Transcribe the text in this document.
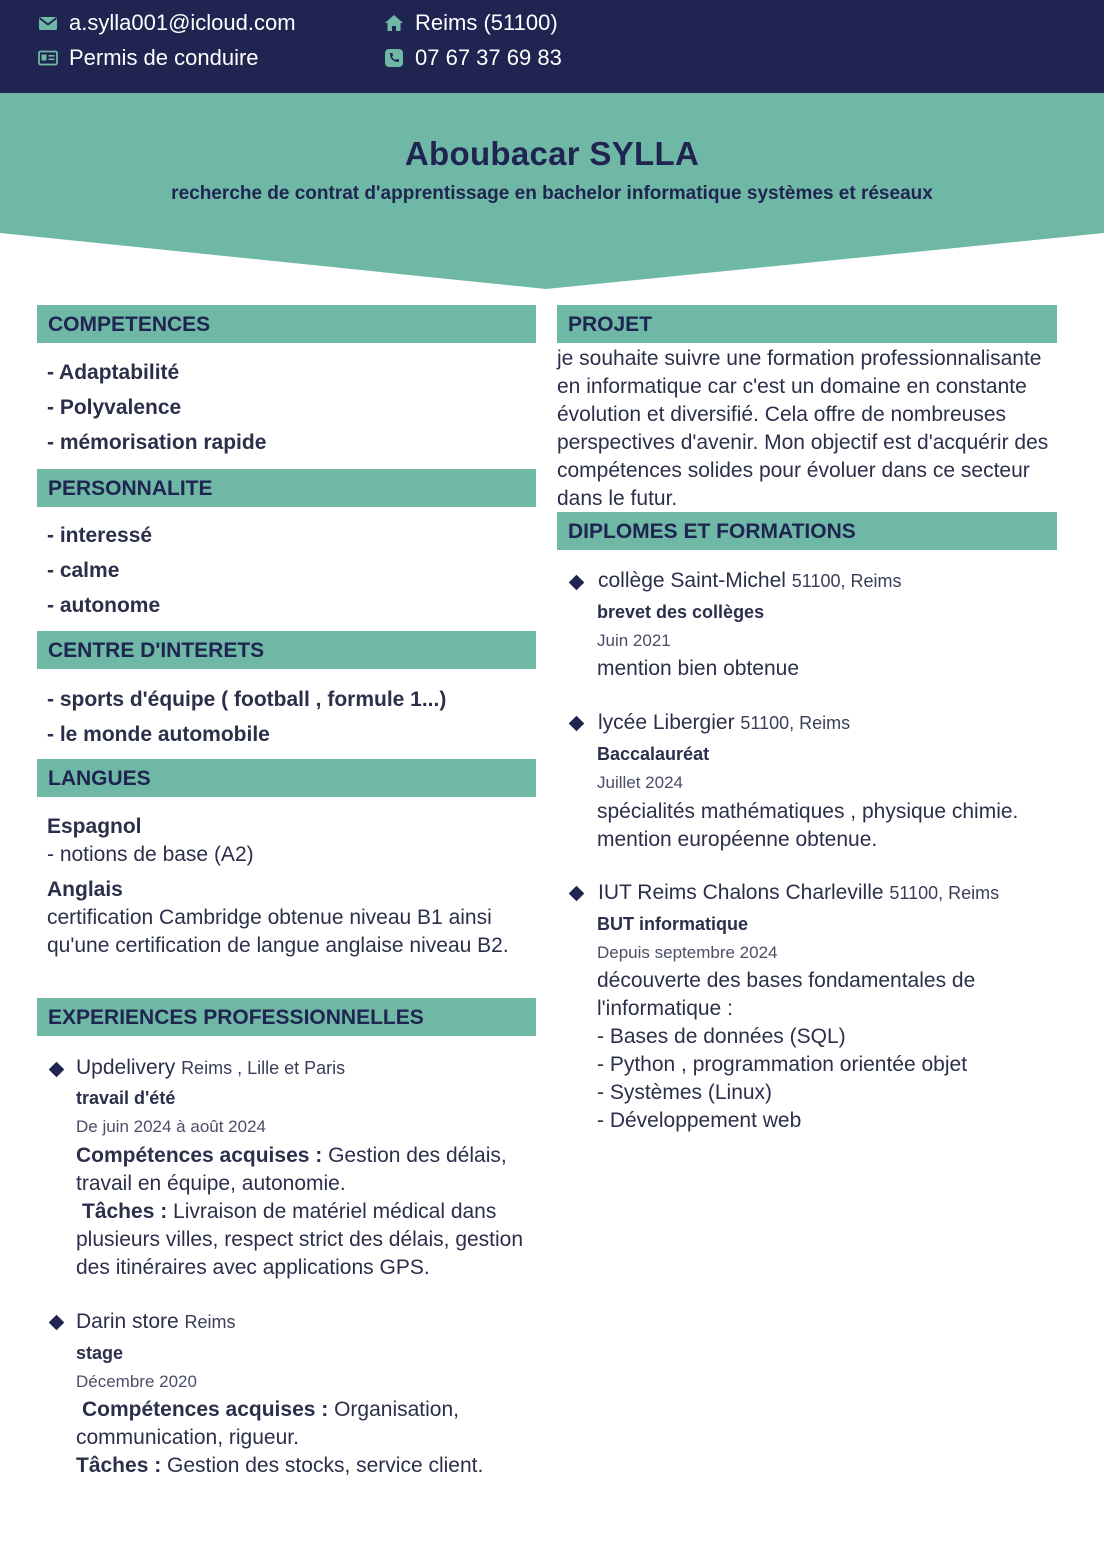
a.sylla001@icloud.com	Reims (51100)
Permis de conduire	07 67 37 69 83
Aboubacar SYLLA
recherche de contrat d'apprentissage en bachelor informatique systèmes et réseaux
COMPETENCES
- Adaptabilité
- Polyvalence
- mémorisation rapide
PERSONNALITE
- interessé
- calme
- autonome
CENTRE D'INTERETS
- sports d'équipe ( football , formule 1...)
- le monde automobile
LANGUES
Espagnol
- notions de base (A2)
Anglais
certification Cambridge obtenue niveau B1 ainsi qu'une certification de langue anglaise niveau B2.
EXPERIENCES PROFESSIONNELLES
Updelivery Reims , Lille et Paris
travail d'été
De juin 2024 à août 2024
Compétences acquises : Gestion des délais, travail en équipe, autonomie.
Tâches : Livraison de matériel médical dans plusieurs villes, respect strict des délais, gestion des itinéraires avec applications GPS.
Darin store Reims
stage
Décembre 2020
Compétences acquises : Organisation, communication, rigueur.
Tâches : Gestion des stocks, service client.
PROJET
je souhaite suivre une formation professionnalisante en informatique car c'est un domaine en constante évolution et diversifié. Cela offre de nombreuses perspectives d'avenir. Mon objectif est d'acquérir des compétences solides pour évoluer dans ce secteur dans le futur.
DIPLOMES ET FORMATIONS
collège Saint-Michel 51100, Reims
brevet des collèges
Juin 2021
mention bien obtenue
lycée Libergier 51100, Reims
Baccalauréat
Juillet 2024
spécialités mathématiques , physique chimie.
mention européenne obtenue.
IUT Reims Chalons Charleville 51100, Reims
BUT informatique
Depuis septembre 2024
découverte des bases fondamentales de
l'informatique :
- Bases de données (SQL)
- Python , programmation orientée objet
- Systèmes (Linux)
- Développement web
